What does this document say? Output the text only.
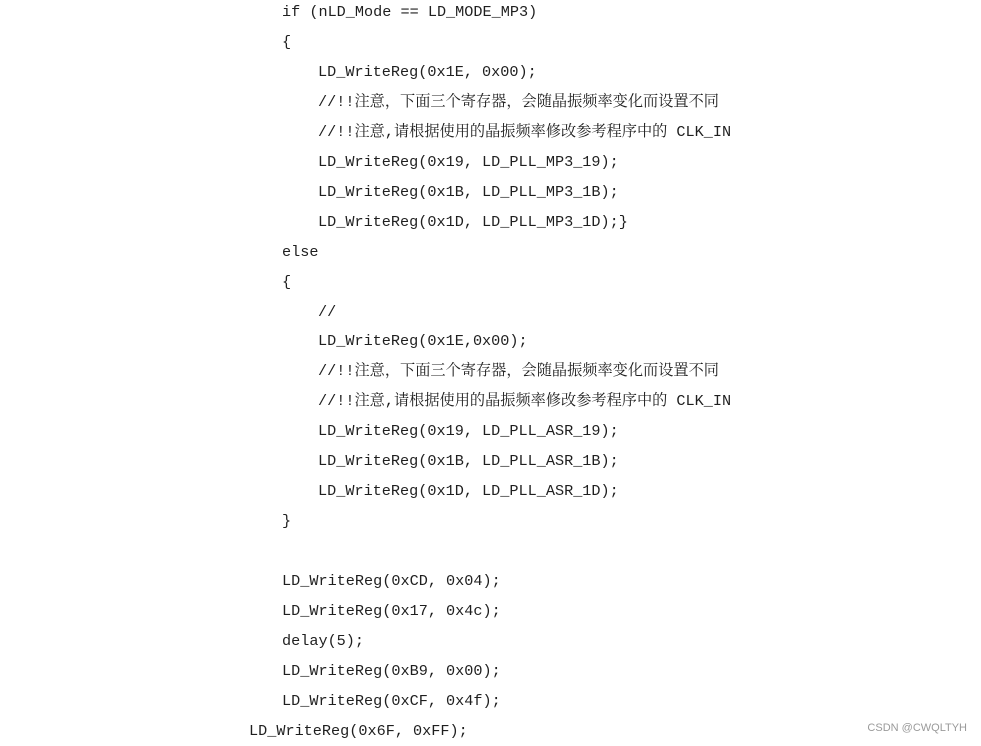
if (nLD_Mode == LD_MODE_MP3)
{
LD_WriteReg(0x1E, 0x00);
//!!注意，下面三个寄存器，会随晶振频率变化而设置不同
//!!注意,请根据使用的晶振频率修改参考程序中的 CLK_IN
LD_WriteReg(0x19, LD_PLL_MP3_19);
LD_WriteReg(0x1B, LD_PLL_MP3_1B);
LD_WriteReg(0x1D, LD_PLL_MP3_1D);}
else
{
//
LD_WriteReg(0x1E,0x00);
//!!注意，下面三个寄存器，会随晶振频率变化而设置不同
//!!注意,请根据使用的晶振频率修改参考程序中的 CLK_IN
LD_WriteReg(0x19, LD_PLL_ASR_19);
LD_WriteReg(0x1B, LD_PLL_ASR_1B);
LD_WriteReg(0x1D, LD_PLL_ASR_1D);
}
LD_WriteReg(0xCD, 0x04);
LD_WriteReg(0x17, 0x4c);
delay(5);
LD_WriteReg(0xB9, 0x00);
LD_WriteReg(0xCF, 0x4f);
LD_WriteReg(0x6F, 0xFF);	CSDN @CWQLTYH
